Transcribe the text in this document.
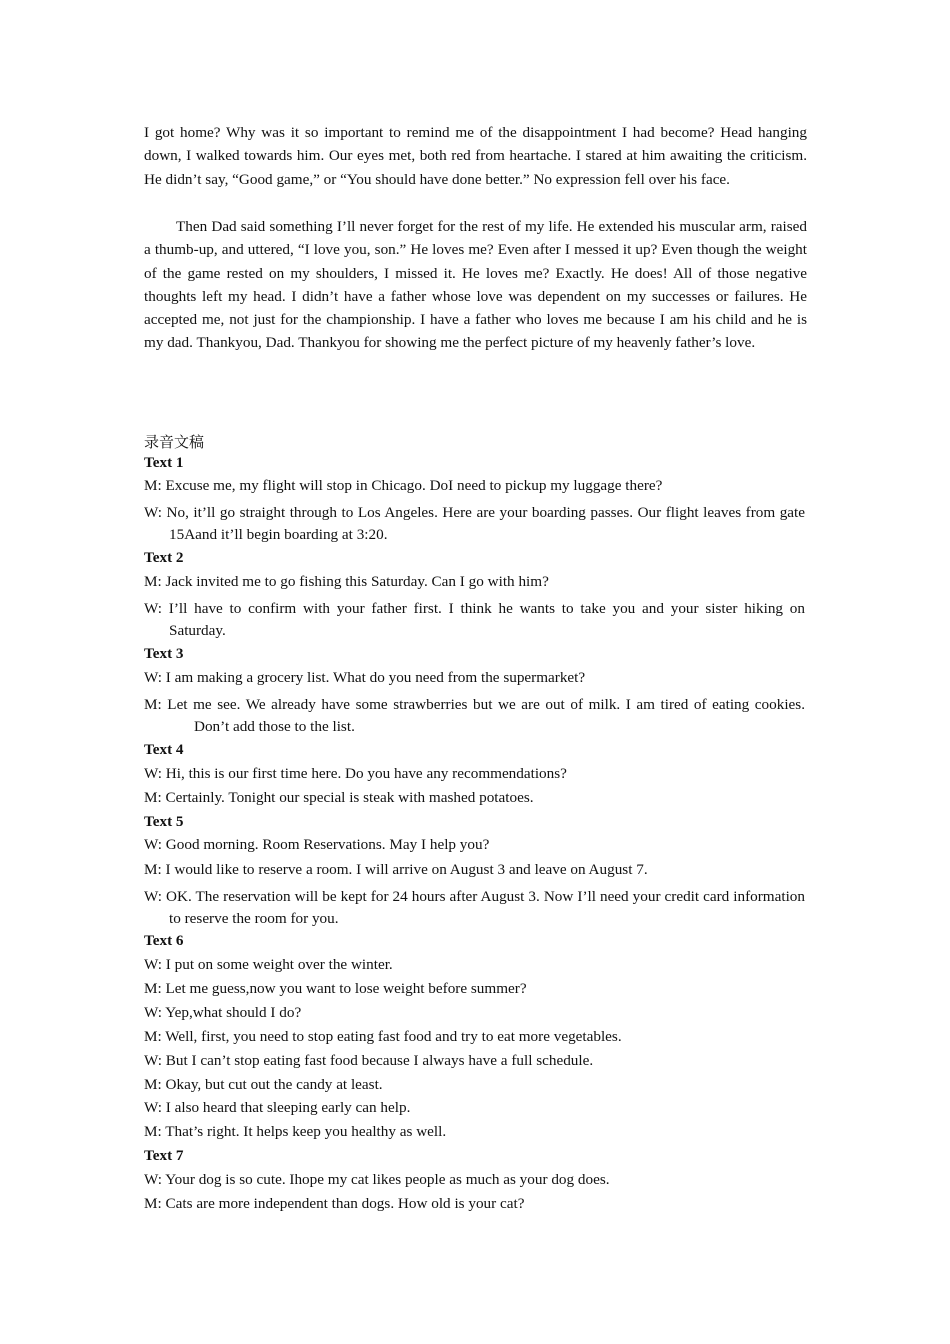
I got home? Why was it so important to remind me of the disappointment I had become? Head hanging down, I walked towards him. Our eyes met, both red from heartache. I stared at him awaiting the criticism. He didn’t say, “Good game,” or “You should have done better.” No expression fell over his face.

Then Dad said something I’ll never forget for the rest of my life. He extended his muscular arm, raised a thumb-up, and uttered, “I love you, son.” He loves me? Even after I messed it up? Even though the weight of the game rested on my shoulders, I missed it. He loves me? Exactly. He does! All of those negative thoughts left my head. I didn’t have a father whose love was dependent on my successes or failures. He accepted me, not just for the championship. I have a father who loves me because I am his child and he is my dad. Thankyou, Dad. Thankyou for showing me the perfect picture of my heavenly father’s love.

录音文稿
Text 1
M: Excuse me, my flight will stop in Chicago. DoI need to pickup my luggage there?
W: No, it’ll go straight through to Los Angeles. Here are your boarding passes. Our flight leaves from gate 15Aand it’ll begin boarding at 3:20.
Text 2
M: Jack invited me to go fishing this Saturday. Can I go with him?
W: I’ll have to confirm with your father first. I think he wants to take you and your sister hiking on Saturday.
Text 3
W: I am making a grocery list. What do you need from the supermarket?
M: Let me see. We already have some strawberries but we are out of milk. I am tired of eating cookies. Don’t add those to the list.
Text 4
W: Hi, this is our first time here. Do you have any recommendations?
M: Certainly. Tonight our special is steak with mashed potatoes.
Text 5
W: Good morning. Room Reservations. May I help you?
M: I would like to reserve a room. I will arrive on August 3 and leave on August 7.
W: OK. The reservation will be kept for 24 hours after August 3. Now I’ll need your credit card information to reserve the room for you.
Text 6
W: I put on some weight over the winter.
M: Let me guess,now you want to lose weight before summer?
W: Yep,what should I do?
M: Well, first, you need to stop eating fast food and try to eat more vegetables.
W: But I can’t stop eating fast food because I always have a full schedule.
M: Okay, but cut out the candy at least.
W: I also heard that sleeping early can help.
M: That’s right. It helps keep you healthy as well.
Text 7
W: Your dog is so cute. Ihope my cat likes people as much as your dog does.
M: Cats are more independent than dogs. How old is your cat?
